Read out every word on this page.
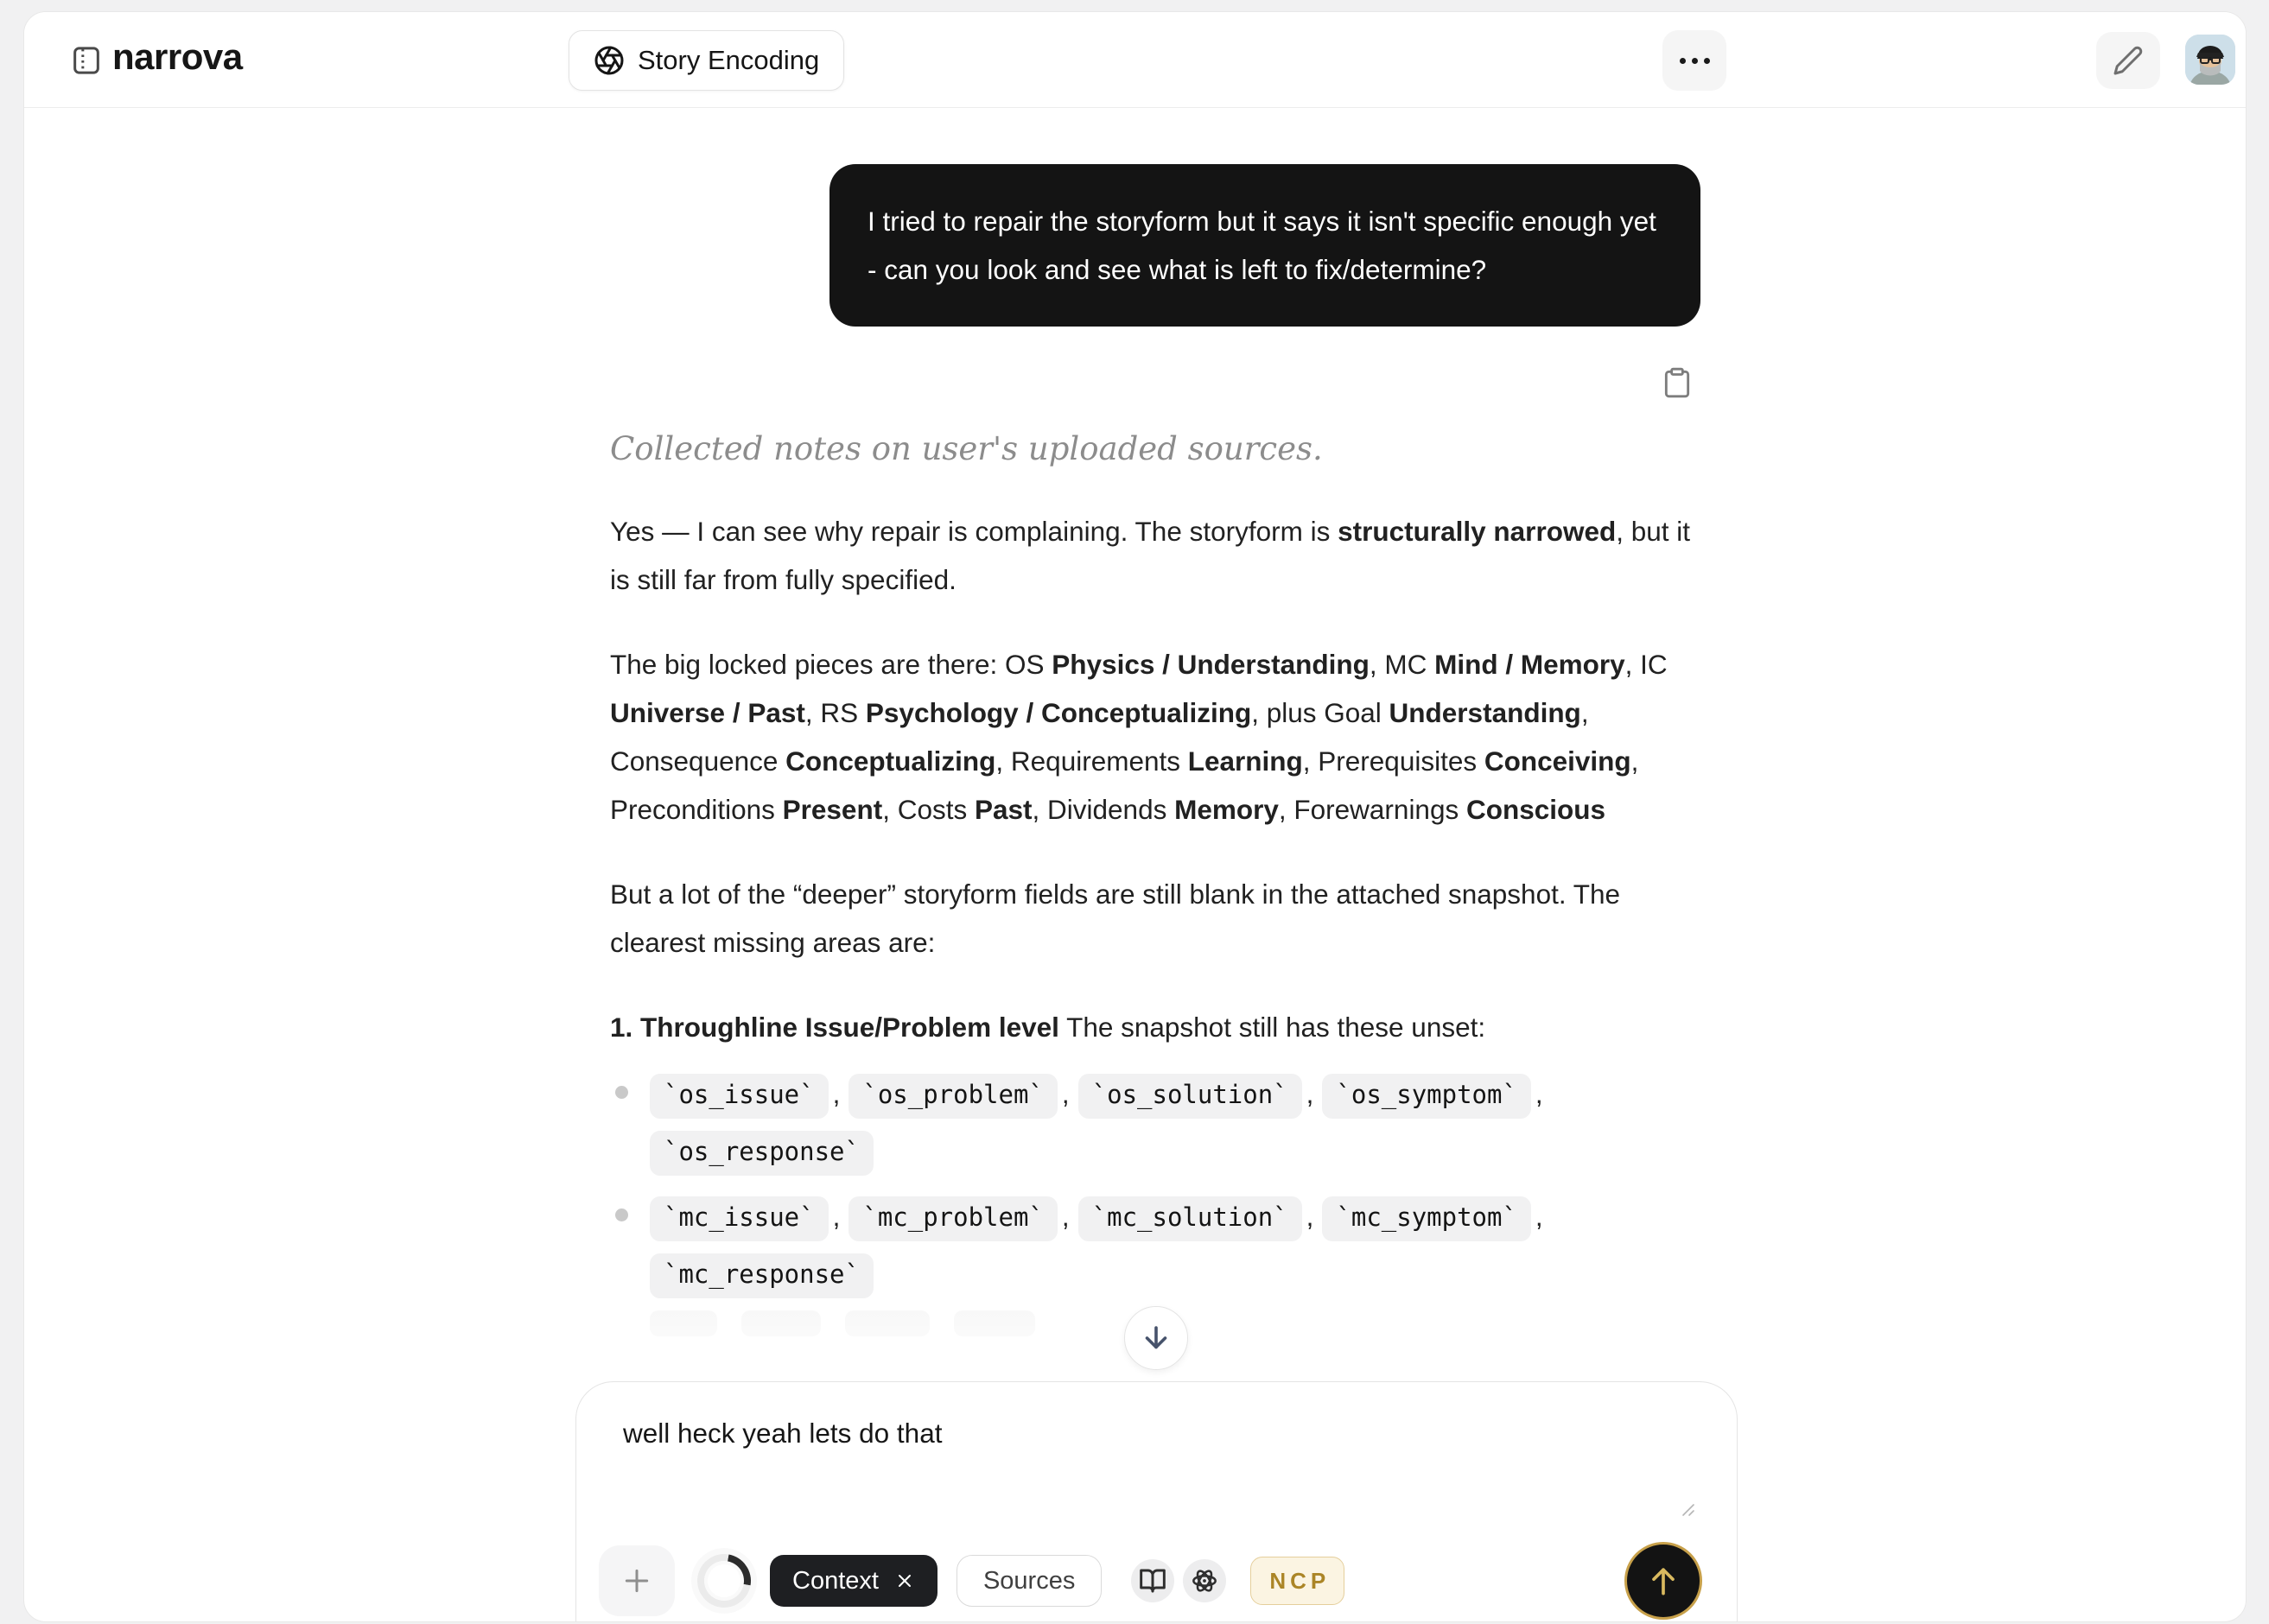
narrova	Story Encoding
I tried to repair the storyform but it says it isn't specific enough yet - can you look and see what is left to fix/determine?
Collected notes on user's uploaded sources.

Yes — I can see why repair is complaining. The storyform is structurally narrowed, but it is still far from fully specified.

The big locked pieces are there: OS Physics / Understanding, MC Mind / Memory, IC Universe / Past, RS Psychology / Conceptualizing, plus Goal Understanding, Consequence Conceptualizing, Requirements Learning, Prerequisites Conceiving, Preconditions Present, Costs Past, Dividends Memory, Forewarnings Conscious

But a lot of the “deeper” storyform fields are still blank in the attached snapshot. The clearest missing areas are:

1. Throughline Issue/Problem level The snapshot still has these unset:

`os_issue` , `os_problem` , `os_solution` , `os_symptom` ,`os_response`
`mc_issue` , `mc_problem` , `mc_solution` , `mc_symptom` ,`mc_response`
well heck yeah lets do that
Context	Sources	NCP
